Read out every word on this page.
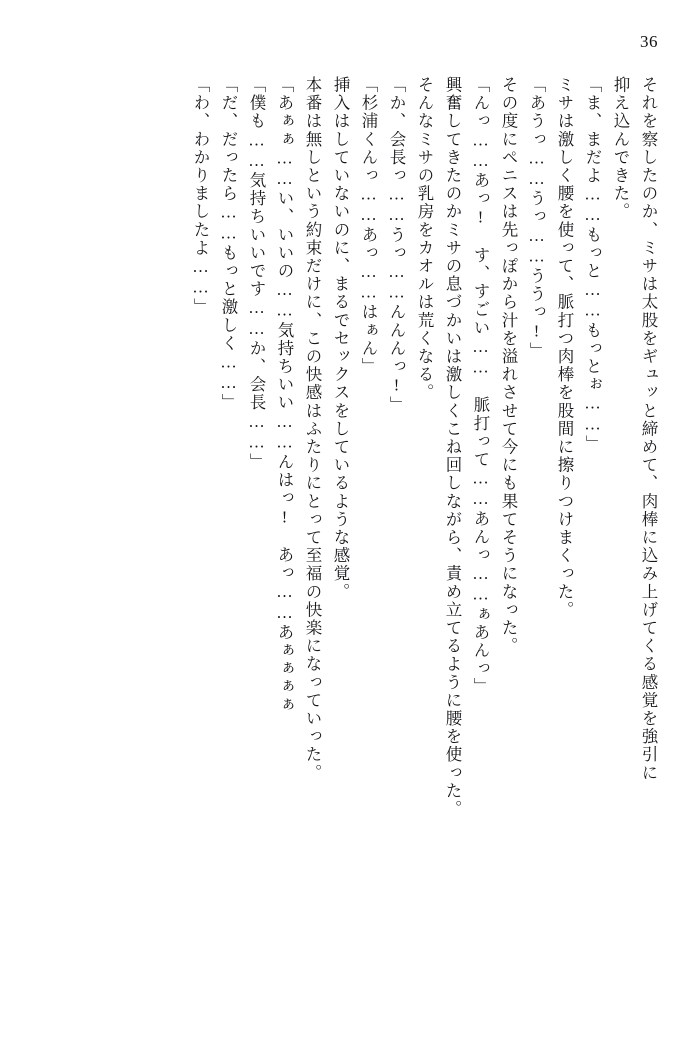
36
それを察したのか、ミサは太股をギュッと締めて、肉棒に込み上げてくる感覚を強引に
抑え込んできた。
「ま、まだよ……もっと……もっとぉ……」
ミサは激しく腰を使って、脈打つ肉棒を股間に擦りつけまくった。
「あうっ……うっ……ううっ!」
その度にペニスは先っぽから汁を溢れさせて今にも果てそうになった。
「んっ……あっ!　す、すごい……　脈打って……あんっ……ぁあんっ」
興奮してきたのかミサの息づかいは激しくこね回しながら、責め立てるように腰を使った。
そんなミサの乳房をカオルは荒くなる。
「か、会長っ……うっ……んんんっ!」
「杉浦くんっ……あっ……はぁん」
挿入はしていないのに、まるでセックスをしているような感覚。
本番は無しという約束だけに、この快感はふたりにとって至福の快楽になっていった。
「あぁぁ……い、いいの……気持ちいい……んはっ!　あっ……あぁぁぁぁ
「僕も……気持ちいいです……か、会長……」
「だ、だったら……もっと激しく……」
「わ、わかりましたよ……」
